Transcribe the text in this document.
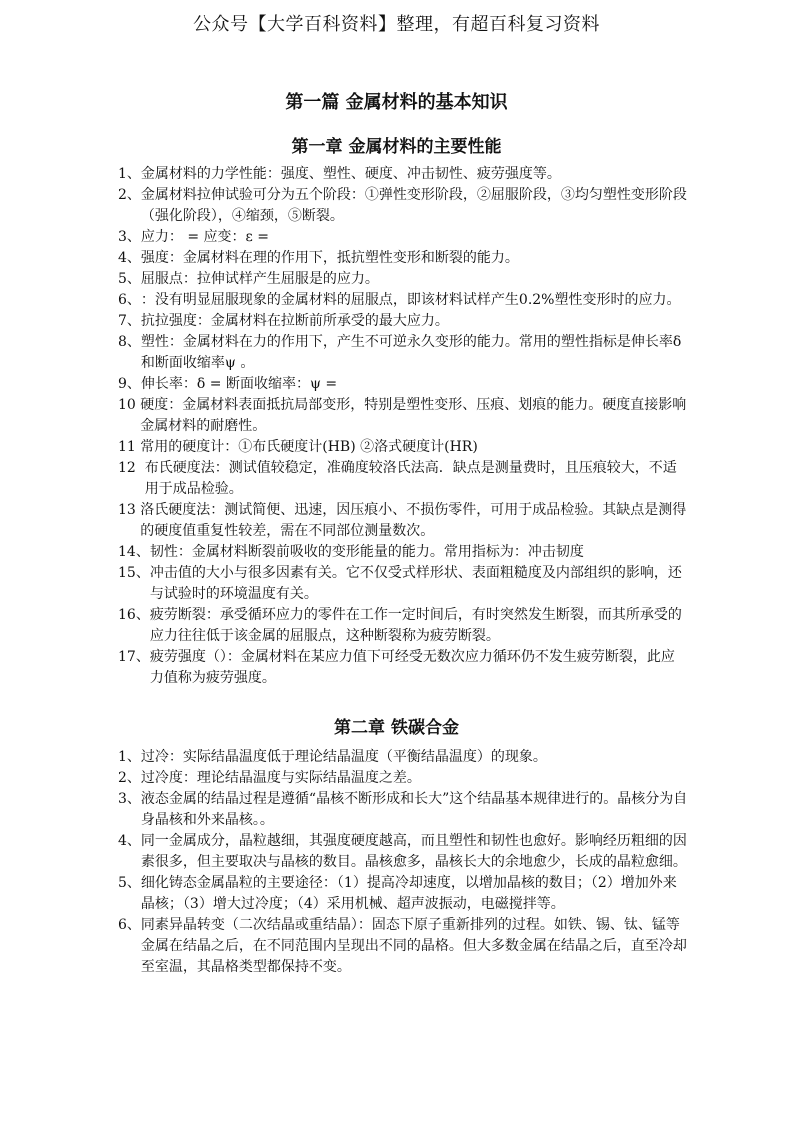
公众号【大学百科资料】整理，有超百科复习资料
第一篇 金属材料的基本知识
第一章 金属材料的主要性能
1、 金属材料的力学性能：强度、塑性、硬度、冲击韧性、疲劳强度等。
2、 金属材料拉伸试验可分为五个阶段：①弹性变形阶段，②屈服阶段，③均匀塑性变形阶段（强化阶段），④缩颈，⑤断裂。
3、 应力： = 应变：ε =
4、 强度：金属材料在理的作用下，抵抗塑性变形和断裂的能力。
5、 屈服点：拉伸试样产生屈服是的应力。
6、 ：没有明显屈服现象的金属材料的屈服点，即该材料试样产生0.2%塑性变形时的应力。
7、 抗拉强度：金属材料在拉断前所承受的最大应力。
8、 塑性：金属材料在力的作用下，产生不可逆永久变形的能力。常用的塑性指标是伸长率δ 和断面收缩率ψ 。
9、 伸长率：δ = 断面收缩率：ψ =
10 硬度：金属材料表面抵抗局部变形，特别是塑性变形、压痕、划痕的能力。硬度直接影响金属材料的耐磨性。
11 常用的硬度计：①布氏硬度计(HB) ②洛式硬度计(HR)
12 布氏硬度法：测试值较稳定，准确度较洛氏法高．缺点是测量费时，且压痕较大，不适用于成品检验。
13 洛氏硬度法：测试简便、迅速，因压痕小、不损伤零件，可用于成品检验。其缺点是测得的硬度值重复性较差，需在不同部位测量数次。
14、 韧性：金属材料断裂前吸收的变形能量的能力。常用指标为：冲击韧度
15、 冲击值的大小与很多因素有关。它不仅受式样形状、表面粗糙度及内部组织的影响，还与试验时的环境温度有关。
16、 疲劳断裂：承受循环应力的零件在工作一定时间后，有时突然发生断裂，而其所承受的应力往往低于该金属的屈服点，这种断裂称为疲劳断裂。
17、 疲劳强度（）：金属材料在某应力值下可经受无数次应力循环仍不发生疲劳断裂，此应力值称为疲劳强度。
第二章 铁碳合金
1、 过冷：实际结晶温度低于理论结晶温度（平衡结晶温度）的现象。
2、 过冷度：理论结晶温度与实际结晶温度之差。
3、 液态金属的结晶过程是遵循“晶核不断形成和长大”这个结晶基本规律进行的。晶核分为自身晶核和外来晶核。。
4、 同一金属成分，晶粒越细，其强度硬度越高，而且塑性和韧性也愈好。影响经历粗细的因素很多，但主要取决与晶核的数目。晶核愈多，晶核长大的余地愈少，长成的晶粒愈细。
5、 细化铸态金属晶粒的主要途径：（1）提高冷却速度，以增加晶核的数目；（2）增加外来晶核；（3）增大过冷度；（4）采用机械、超声波振动，电磁搅拌等。
6、 同素异晶转变（二次结晶或重结晶）：固态下原子重新排列的过程。如铁、锡、钛、锰等金属在结晶之后，在不同范围内呈现出不同的晶格。但大多数金属在结晶之后，直至冷却至室温，其晶格类型都保持不变。
